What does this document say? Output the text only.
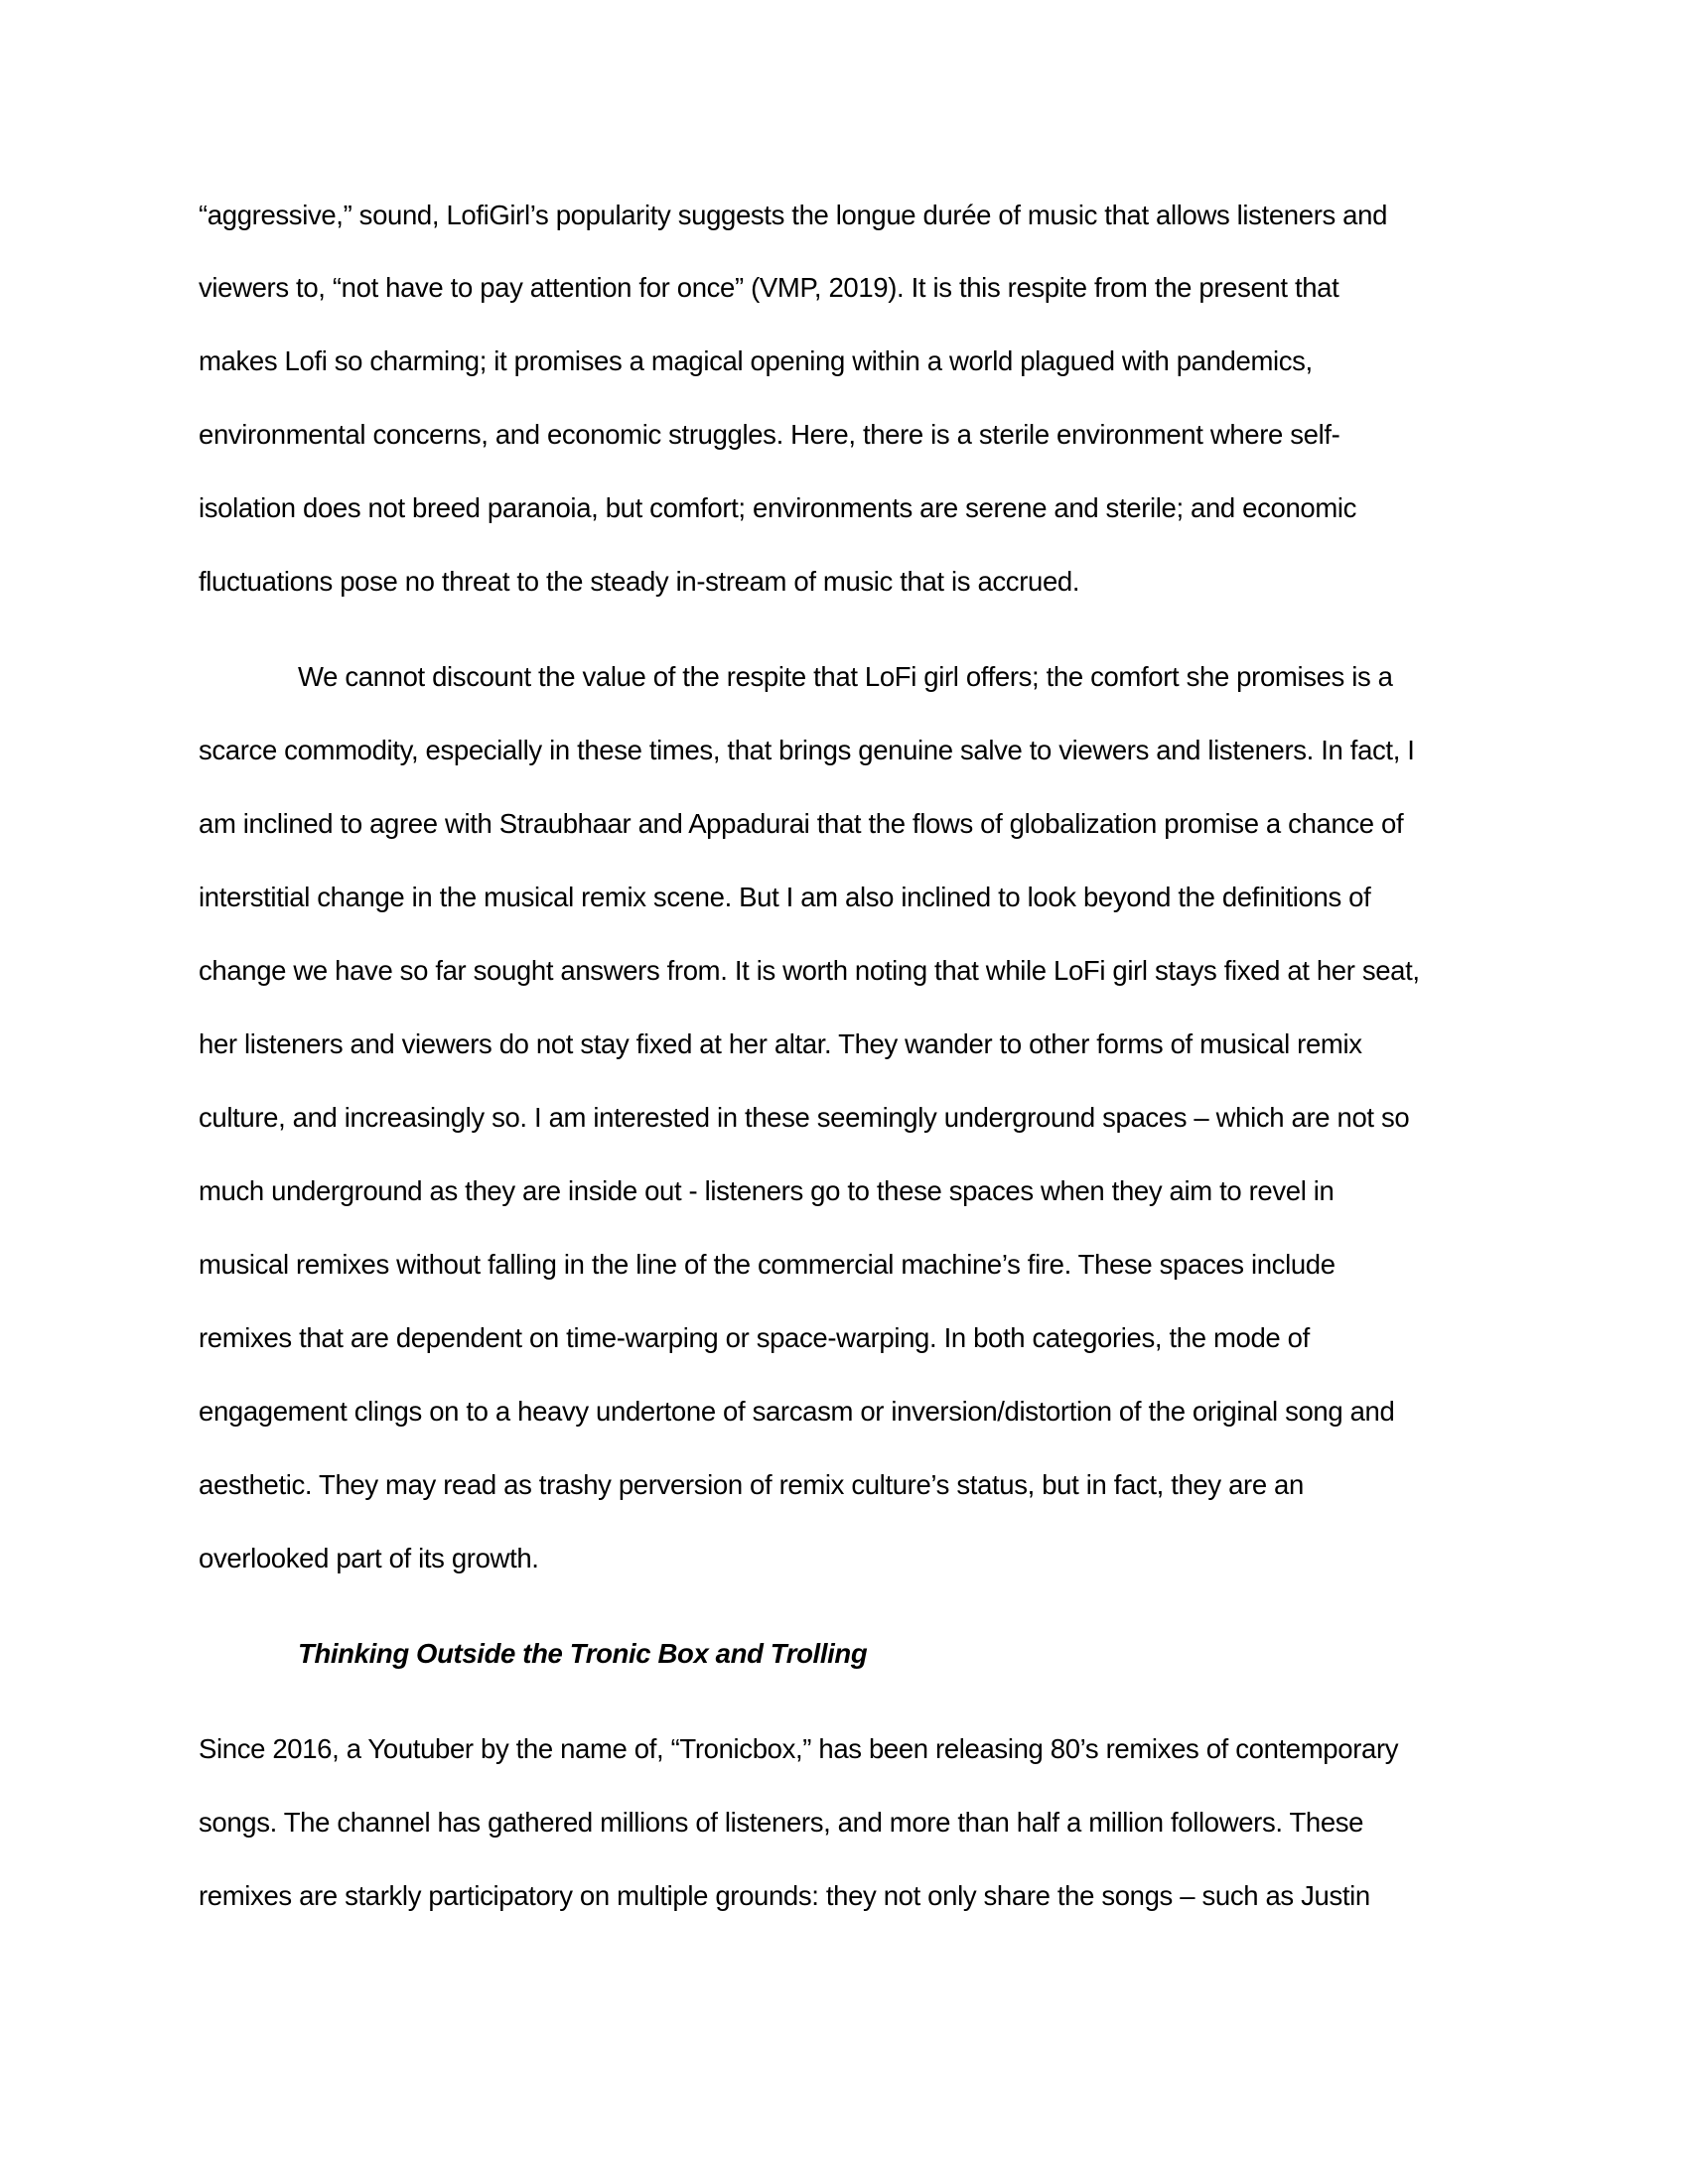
“aggressive,” sound, LofiGirl’s popularity suggests the longue durée of music that allows listeners and
viewers to, “not have to pay attention for once” (VMP, 2019). It is this respite from the present that
makes Lofi so charming; it promises a magical opening within a world plagued with pandemics,
environmental concerns, and economic struggles. Here, there is a sterile environment where self-
isolation does not breed paranoia, but comfort; environments are serene and sterile; and economic
fluctuations pose no threat to the steady in-stream of music that is accrued.
We cannot discount the value of the respite that LoFi girl offers; the comfort she promises is a
scarce commodity, especially in these times, that brings genuine salve to viewers and listeners. In fact, I
am inclined to agree with Straubhaar and Appadurai that the flows of globalization promise a chance of
interstitial change in the musical remix scene. But I am also inclined to look beyond the definitions of
change we have so far sought answers from. It is worth noting that while LoFi girl stays fixed at her seat,
her listeners and viewers do not stay fixed at her altar. They wander to other forms of musical remix
culture, and increasingly so. I am interested in these seemingly underground spaces – which are not so
much underground as they are inside out - listeners go to these spaces when they aim to revel in
musical remixes without falling in the line of the commercial machine’s fire. These spaces include
remixes that are dependent on time-warping or space-warping. In both categories, the mode of
engagement clings on to a heavy undertone of sarcasm or inversion/distortion of the original song and
aesthetic. They may read as trashy perversion of remix culture’s status, but in fact, they are an
overlooked part of its growth.
Thinking Outside the Tronic Box and Trolling
Since 2016, a Youtuber by the name of, “Tronicbox,” has been releasing 80’s remixes of contemporary
songs. The channel has gathered millions of listeners, and more than half a million followers. These
remixes are starkly participatory on multiple grounds: they not only share the songs – such as Justin
